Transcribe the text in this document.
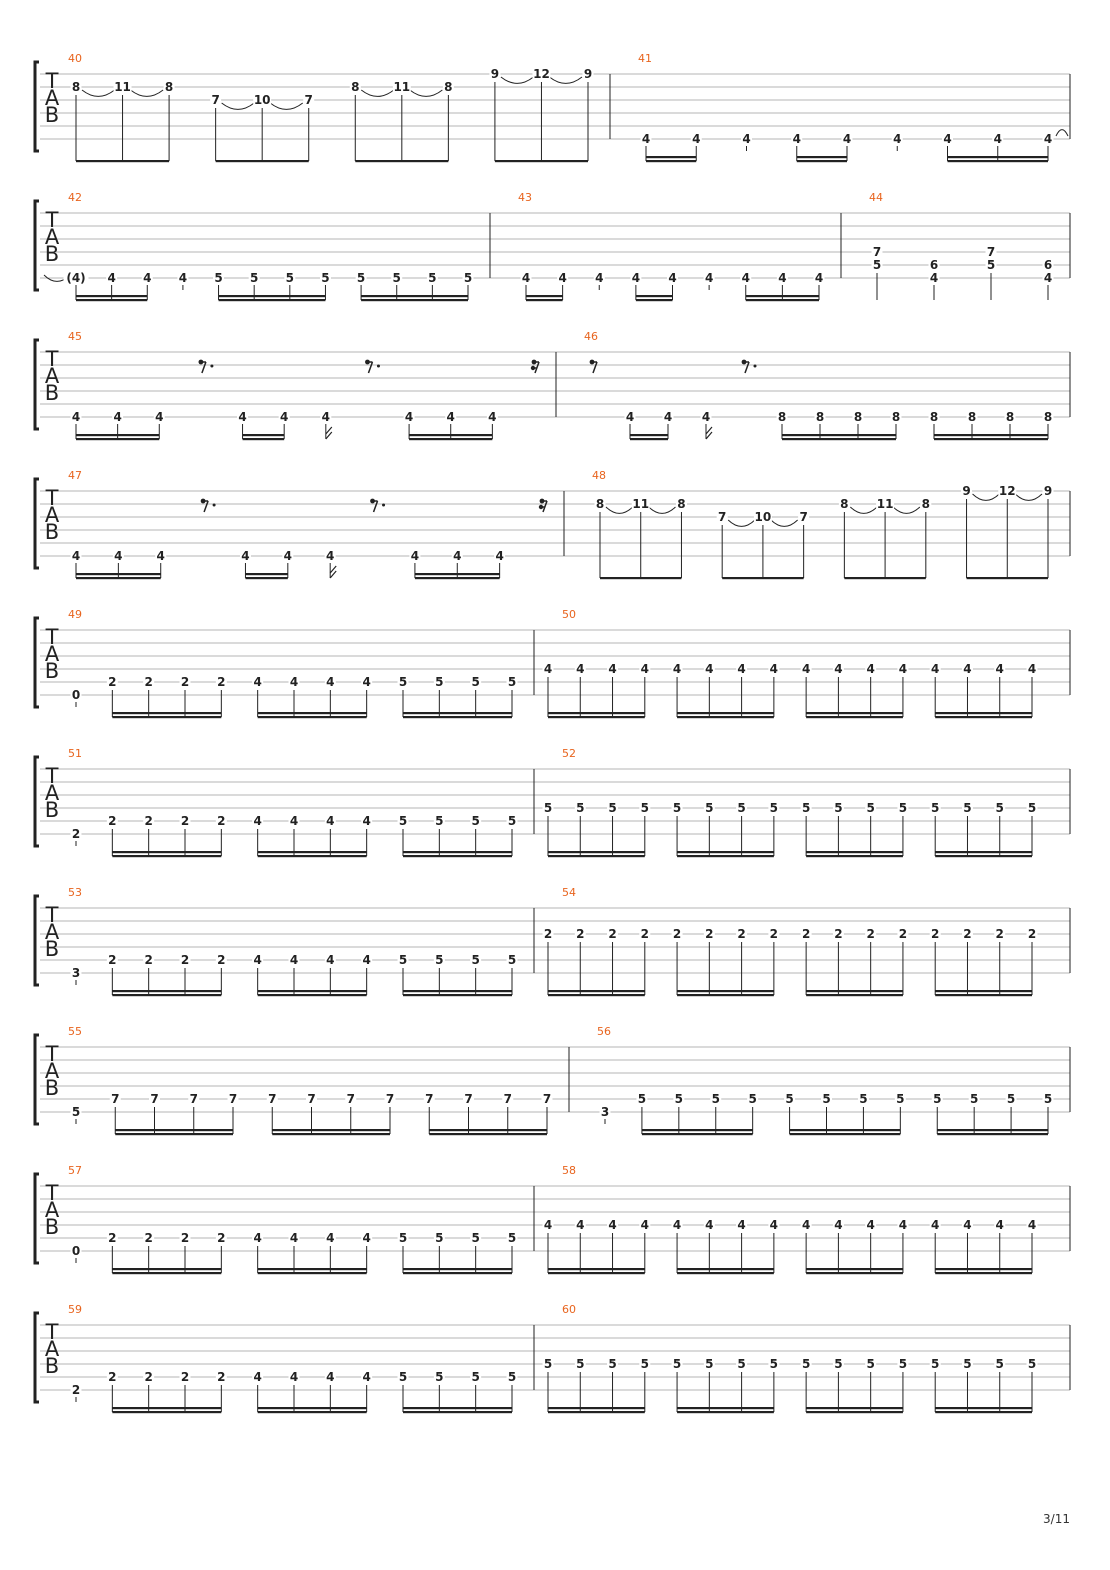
T
A
B
40
8	11	8
7	10	7
8	11	8
9	12	9
41
4	4	4	4	4	4	4	4	4
T
A
B
42
(4) 4 4 4 5 5 5 5 5 5 5 5
43
4 4 4 4 4 4 4 4 4
44
7
5	6
4
7
5	6
4
T
A
B
45
4	4	4	4	4	4	4	4	4
46
4 4 4	8 8 8 8 8 8 8 8
T
A
B
47
4	4	4	4	4	4	4	4	4
48
8 11 8
7 10 7
8 11 8
9 12 9
T
A
B
49
0
2 2 2 2 4 4 4 4 5 5 5 5
50
4 4 4 4 4 4 4 4 4 4 4 4 4 4 4 4
T
A
B
51
2
2 2 2 2 4 4 4 4 5 5 5 5
52
5 5 5 5 5 5 5 5 5 5 5 5 5 5 5 5
T
A
B
53
3
2 2 2 2 4 4 4 4 5 5 5 5
54
2 2 2 2 2 2 2 2 2 2 2 2 2 2 2 2
T
A
B
55
5
7	7	7	7	7	7	7	7	7	7	7	7
56
3
5 5 5 5 5 5 5 5 5 5 5 5
T
A
B
57
0
2 2 2 2 4 4 4 4 5 5 5 5
58
4 4 4 4 4 4 4 4 4 4 4 4 4 4 4 4
T
A
B
59
2
2 2 2 2 4 4 4 4 5 5 5 5
60
5 5 5 5 5 5 5 5 5 5 5 5 5 5 5 5
3/11
